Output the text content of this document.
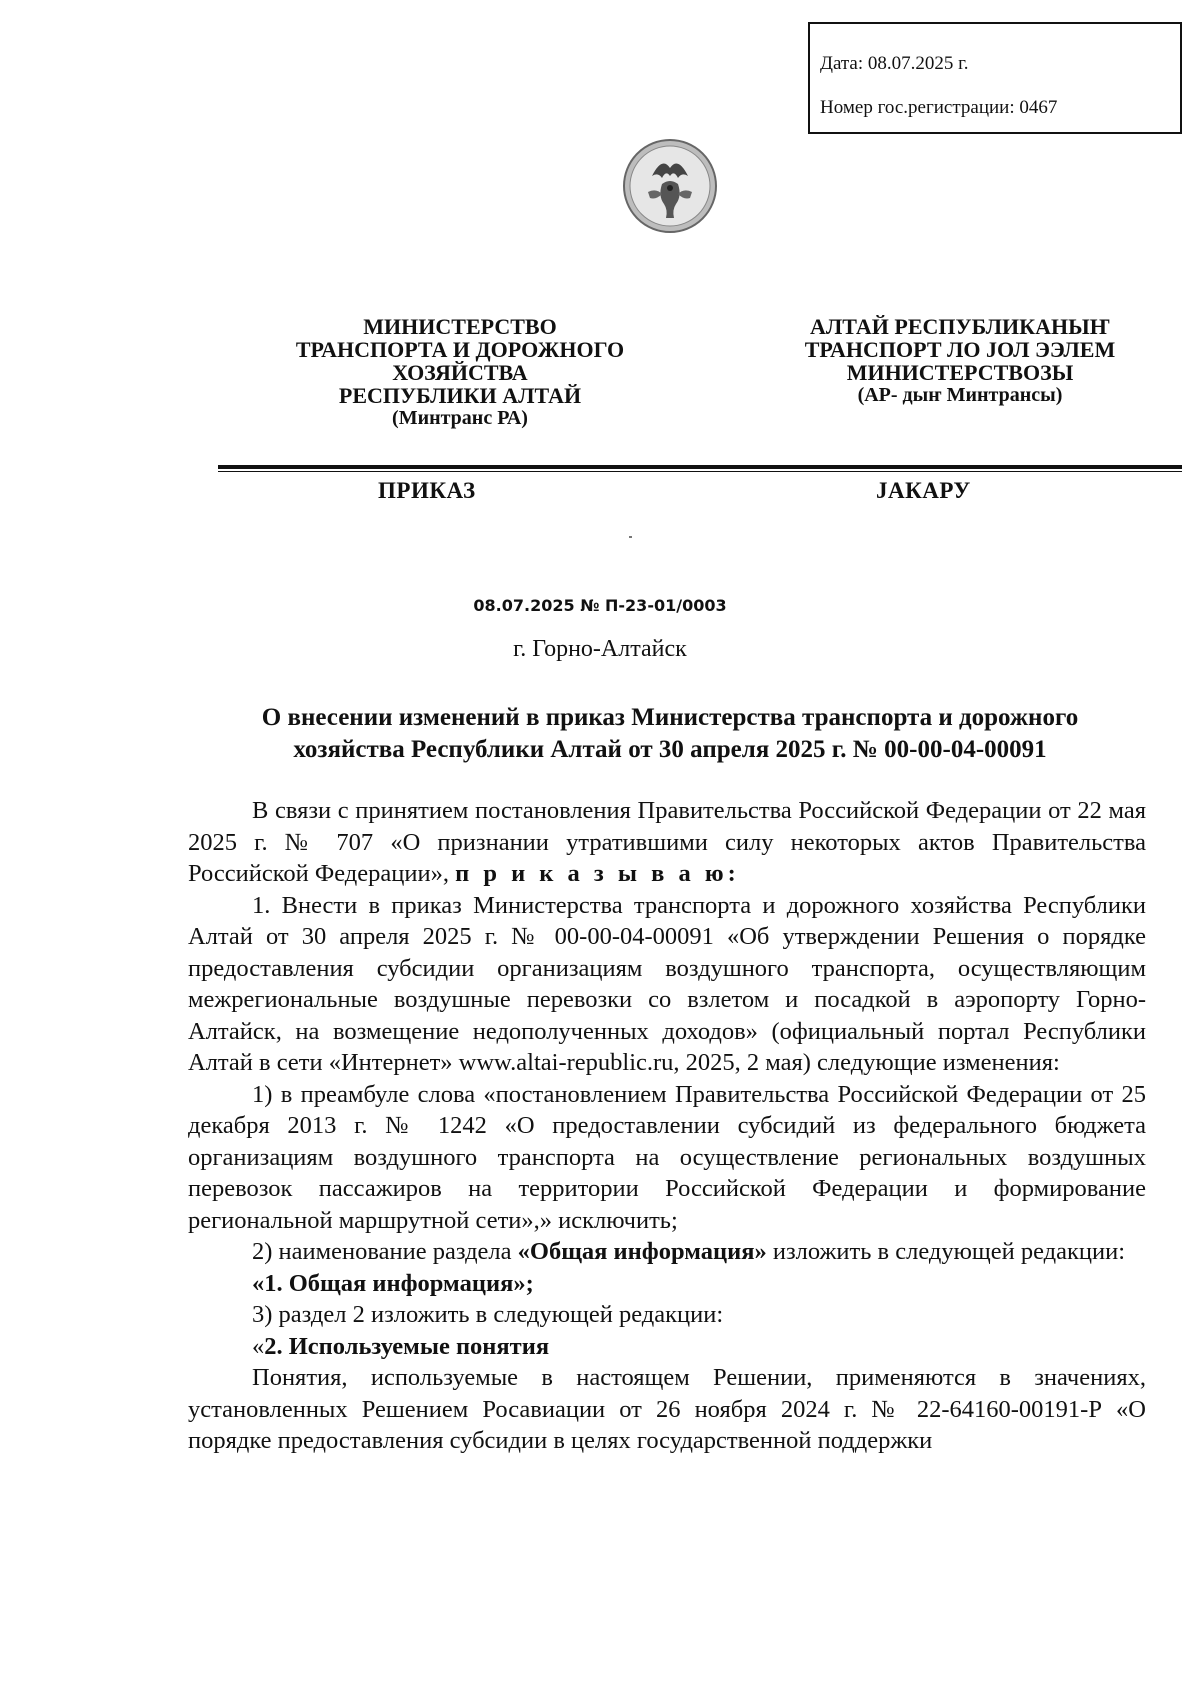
Дата: 08.07.2025 г.
Номер гос.регистрации: 0467
МИНИСТЕРСТВО
ТРАНСПОРТА И ДОРОЖНОГО
ХОЗЯЙСТВА
РЕСПУБЛИКИ АЛТАЙ
(Минтранс РА)
АЛТАЙ РЕСПУБЛИКАНЫҤ
ТРАНСПОРТ ЛО JОЛ ЭЭЛЕМ
МИНИСТЕРСТВОЗЫ
(АР- дыҥ Минтрансы)
ПРИКАЗ	JАКАРУ
08.07.2025 № П-23-01/0003
г. Горно-Алтайск
О внесении изменений в приказ Министерства транспорта и дорожного
хозяйства Республики Алтай от 30 апреля 2025 г. № 00-00-04-00091

В связи с принятием постановления Правительства Российской Федерации от 22 мая 2025 г. № 707 «О признании утратившими силу некоторых актов Правительства Российской Федерации», п р и к а з ы в а ю:

1. Внести в приказ Министерства транспорта и дорожного хозяйства Республики Алтай от 30 апреля 2025 г. № 00-00-04-00091 «Об утверждении Решения о порядке предоставления субсидии организациям воздушного транспорта, осуществляющим межрегиональные воздушные перевозки со взлетом и посадкой в аэропорту Горно-Алтайск, на возмещение недополученных доходов» (официальный портал Республики Алтай в сети «Интернет» www.altai-republic.ru, 2025, 2 мая) следующие изменения:

1) в преамбуле слова «постановлением Правительства Российской Федерации от 25 декабря 2013 г. № 1242 «О предоставлении субсидий из федерального бюджета организациям воздушного транспорта на осуществление региональных воздушных перевозок пассажиров на территории Российской Федерации и формирование региональной маршрутной сети»,» исключить;

2) наименование раздела «Общая информация» изложить в следующей редакции:

«1. Общая информация»;

3) раздел 2 изложить в следующей редакции:

«2. Используемые понятия

Понятия, используемые в настоящем Решении, применяются в значениях, установленных Решением Росавиации от 26 ноября 2024 г. № 22-64160-00191-Р «О порядке предоставления субсидии в целях государственной поддержки
